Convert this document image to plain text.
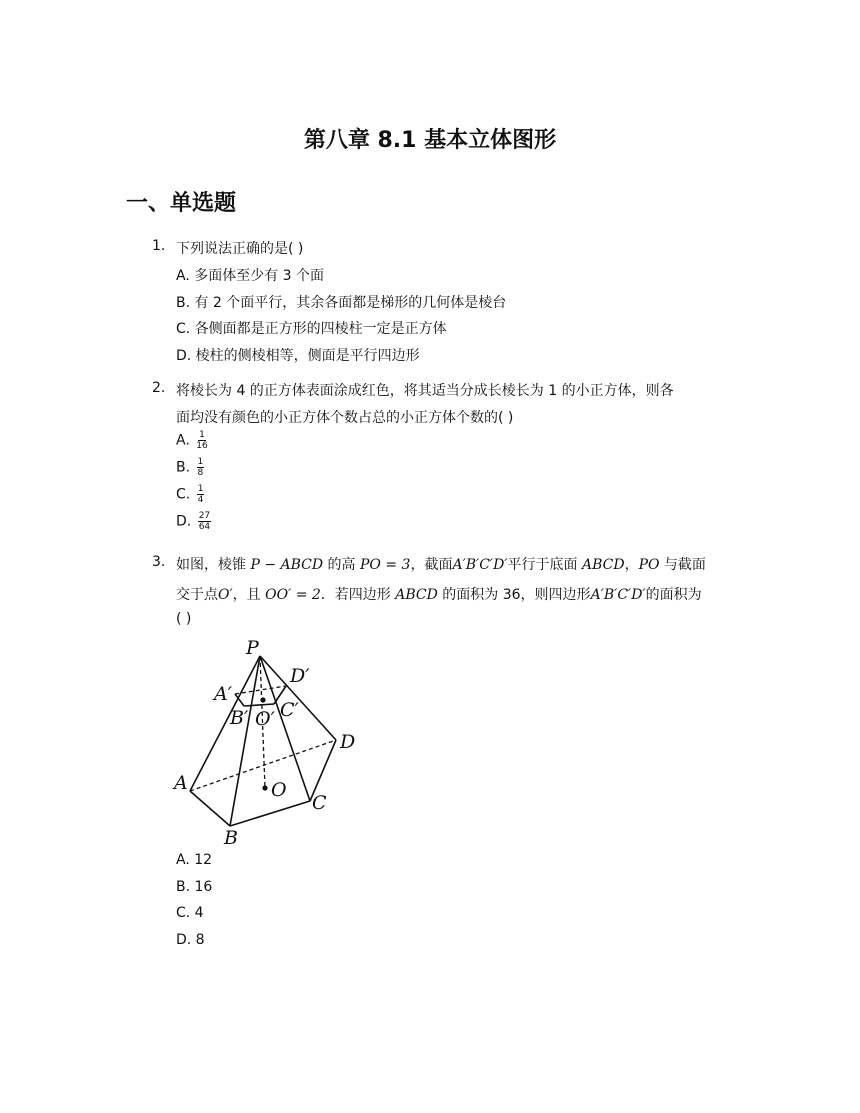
第八章 8.1 基本立体图形
一、单选题
1. 下列说法正确的是( )
A. 多面体至少有 3 个面
B. 有 2 个面平行，其余各面都是梯形的几何体是棱台
C. 各侧面都是正方形的四棱柱一定是正方体
D. 棱柱的侧棱相等，侧面是平行四边形
2. 将棱长为 4 的正方体表面涂成红色，将其适当分成长棱长为 1 的小正方体，则各
面均没有颜色的小正方体个数占总的小正方体个数的( )
A. $\frac{1}{16}$
B. $\frac{1}{8}$
C. $\frac{1}{4}$
D. $\frac{27}{64}$
3. 如图，棱锥 P − ABCD 的高 PO = 3，截面A′B′C′D′平行于底面 ABCD，PO 与截面
交于点O′，且 OO′ = 2．若四边形 ABCD 的面积为 36，则四边形A′B′C′D′的面积为
( )
P
A′
D′
B′ O′ C′
D
A	O
C
B
A. 12
B. 16
C. 4
D. 8
